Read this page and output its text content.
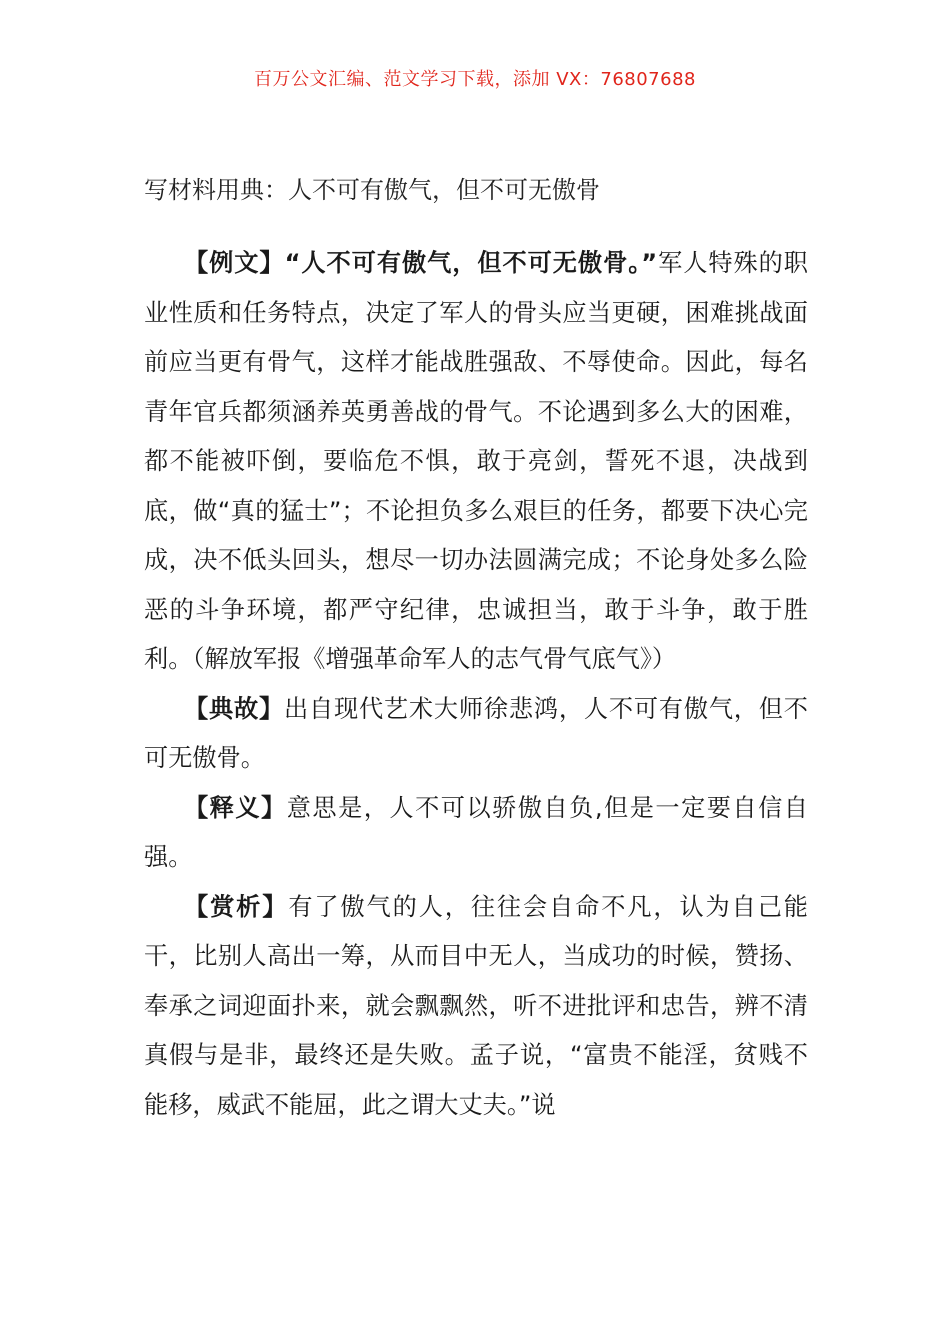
百万公文汇编、范文学习下载，添加 VX：76807688
写材料用典：人不可有傲气，但不可无傲骨

【例文】“人不可有傲气，但不可无傲骨。”军人特殊的职业性质和任务特点，决定了军人的骨头应当更硬，困难挑战面前应当更有骨气，这样才能战胜强敌、不辱使命。因此，每名青年官兵都须涵养英勇善战的骨气。不论遇到多么大的困难，都不能被吓倒，要临危不惧，敢于亮剑，誓死不退，决战到底，做“真的猛士”；不论担负多么艰巨的任务，都要下决心完成，决不低头回头，想尽一切办法圆满完成；不论身处多么险恶的斗争环境，都严守纪律，忠诚担当，敢于斗争，敢于胜利。（解放军报《增强革命军人的志气骨气底气》）

【典故】出自现代艺术大师徐悲鸿，人不可有傲气，但不可无傲骨。

【释义】意思是，人不可以骄傲自负,但是一定要自信自强。

【赏析】有了傲气的人，往往会自命不凡，认为自己能干，比别人高出一筹，从而目中无人，当成功的时候，赞扬、奉承之词迎面扑来，就会飘飘然，听不进批评和忠告，辨不清真假与是非，最终还是失败。孟子说，“富贵不能淫，贫贱不能移，威武不能屈，此之谓大丈夫。”说
